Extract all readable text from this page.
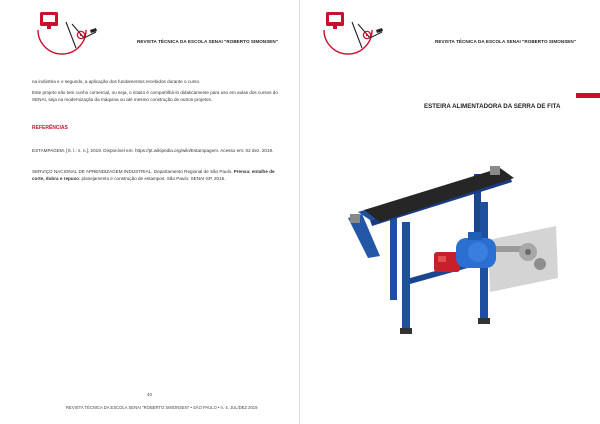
REVISTA TÉCNICA DA ESCOLA SENAI "ROBERTO SIMONSEN"
na indústria e o segundo, a aplicação dos fundamentos recebidos durante o curso.
Este projeto não tem cunho comercial, ou seja, o intuito é compartilhá-lo didaticamente para uso em aulas dos cursos do SENAI, seja na modernização da máquina ou até mesmo construção de outros projetos.
REFERÊNCIAS
ESTAMPAGEM. [S. l.: s. n.], 2019. Disponível em: https://pt.wikipedia.org/wiki/Estampagem. Acesso em: 02 dez. 2019.
SERVIÇO NACIONAL DE APRENDIZAGEM INDUSTRIAL. Departamento Regional de São Paulo. Prensa: entalhe de corte, dobra e repuxo: planejamento e construção de estampos. São Paulo: SENAI-SP, 2016.
40
REVISTA TÉCNICA DA ESCOLA SENAI "ROBERTO SIMONSEN" • SÃO PAULO • n. 4, JUL/DEZ 2019
REVISTA TÉCNICA DA ESCOLA SENAI "ROBERTO SIMONSEN"
ESTEIRA ALIMENTADORA DA SERRA DE FITA
